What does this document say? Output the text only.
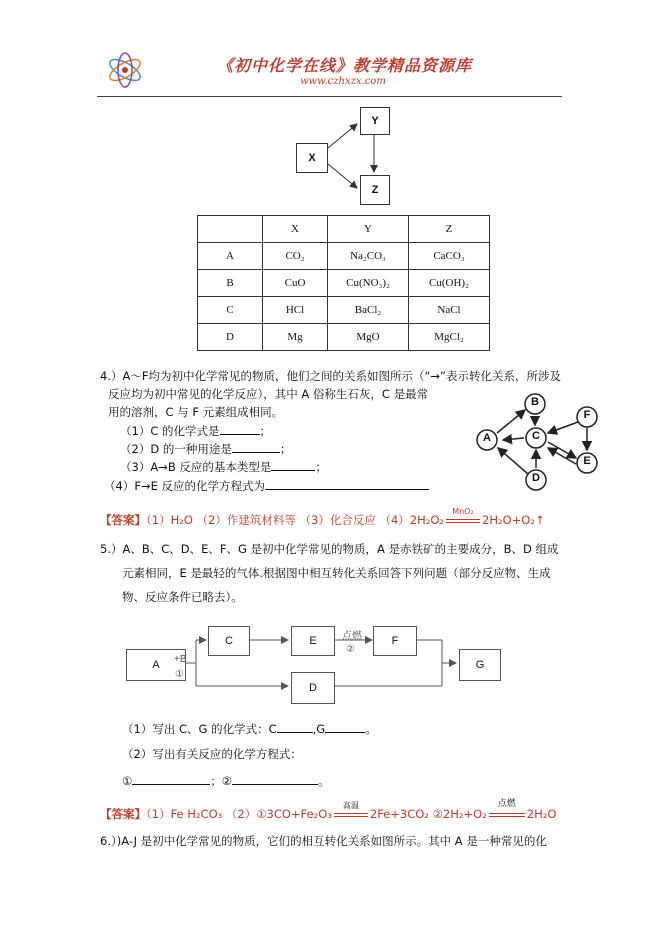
《初中化学在线》教学精品资源库
www.czhxzx.com
X
Y
Z
	X	Y	Z
A	CO₂	Na₂CO₃	CaCO₃
B	CuO	Cu(NO₃)₂	Cu(OH)₂
C	HCl	BaCl₂	NaCl
D	Mg	MgO	MgCl₂
4.）A～F均为初中化学常见的物质，他们之间的关系如图所示（“→”表示转化关系，所涉及
反应均为初中常见的化学反应），其中 A 俗称生石灰，C 是最常
用的溶剂，C 与 F 元素组成相同。
（1）C 的化学式是	；
（2）D 的一种用途是	；
（3）A→B 反应的基本类型是	；
（4）F→E 反应的化学方程式为
A
B
C
D
E
F
【答案】（1）H₂O （2）作建筑材料等 （3）化合反应 （4）2H₂O₂
MnO₂
2H₂O+O₂↑
5.）A、B、C、D、E、F、G 是初中化学常见的物质，A 是赤铁矿的主要成分，B、D 组成
元素相同，E 是最轻的气体.根据图中相互转化关系回答下列问题（部分反应物、生成
物、反应条件已略去）。
A
C	E	F
D
G
+B
①
点燃
②
（1）写出 C、G 的化学式：C	,G	。
（2）写出有关反应的化学方程式：
①	；②	。
【答案】（1）Fe H₂CO₃ （2）①3CO+Fe₂O₃
高温
2Fe+3CO₂ ②2H₂+O₂
点燃
2H₂O
6.）)A-J 是初中化学常见的物质，它们的相互转化关系如图所示。其中 A 是一种常见的化
